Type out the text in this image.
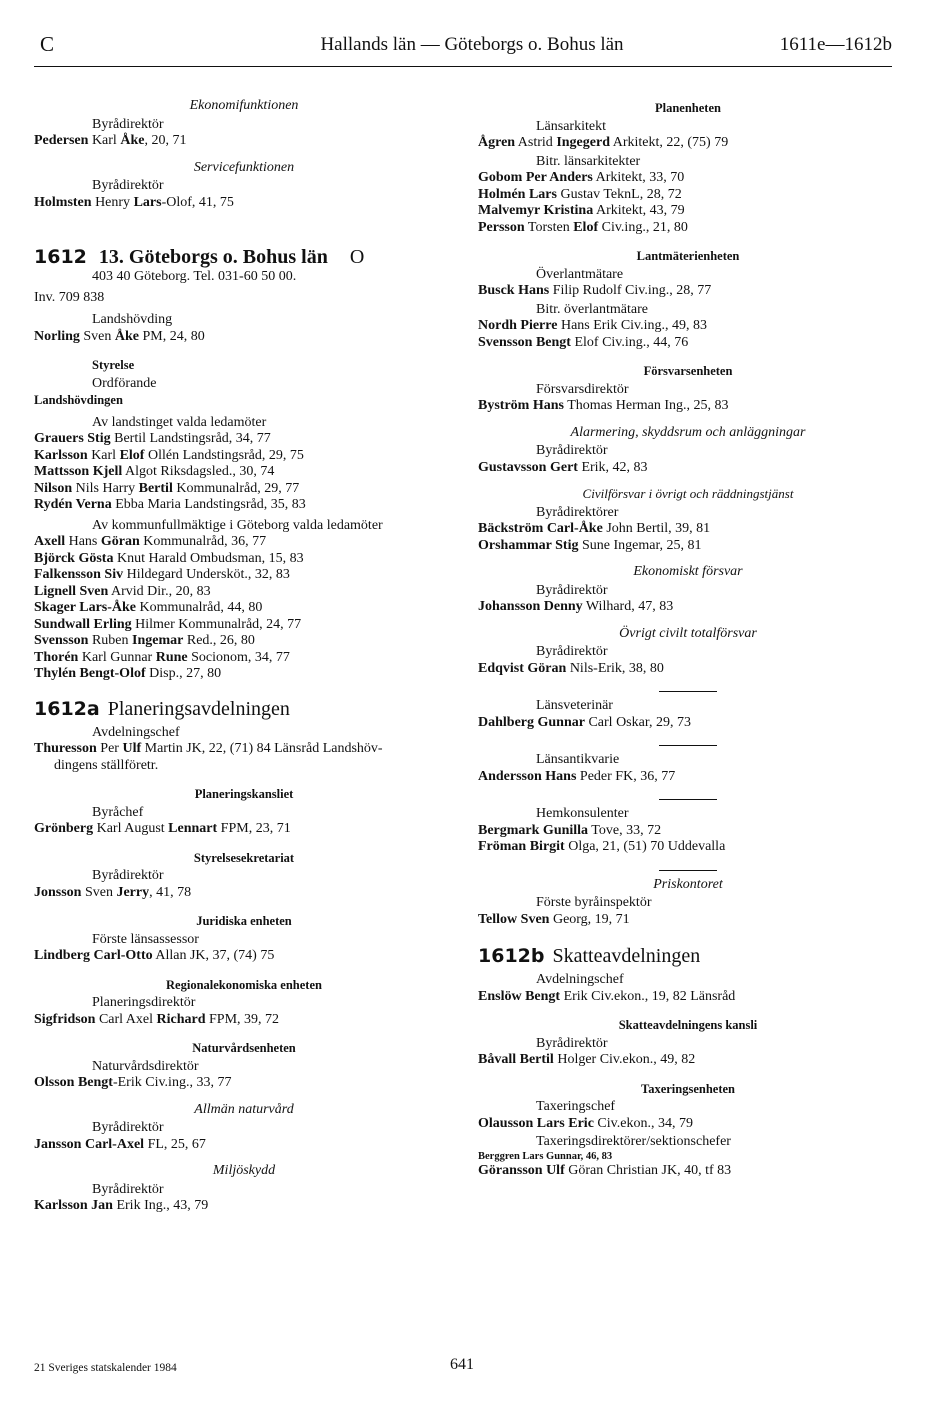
C	Hallands län — Göteborgs o. Bohus län	1611e—1612b
Ekonomifunktionen
Byrådirektör
Pedersen Karl Åke, 20, 71
Servicefunktionen
Byrådirektör
Holmsten Henry Lars-Olof, 41, 75
1612 13. Göteborgs o. Bohus län O
403 40 Göteborg. Tel. 031-60 50 00.
Inv. 709 838
Landshövding
Norling Sven Åke PM, 24, 80
Styrelse
Ordförande
Landshövdingen
Av landstinget valda ledamöter
Grauers Stig Bertil Landstingsråd, 34, 77
Karlsson Karl Elof Ollén Landstingsråd, 29, 75
Mattsson Kjell Algot Riksdagsled., 30, 74
Nilson Nils Harry Bertil Kommunalråd, 29, 77
Rydén Verna Ebba Maria Landstingsråd, 35, 83
Av kommunfullmäktige i Göteborg valda ledamöter
Axell Hans Göran Kommunalråd, 36, 77
Björck Gösta Knut Harald Ombudsman, 15, 83
Falkensson Siv Hildegard Undersköt., 32, 83
Lignell Sven Arvid Dir., 20, 83
Skager Lars-Åke Kommunalråd, 44, 80
Sundwall Erling Hilmer Kommunalråd, 24, 77
Svensson Ruben Ingemar Red., 26, 80
Thorén Karl Gunnar Rune Socionom, 34, 77
Thylén Bengt-Olof Disp., 27, 80
1612a Planeringsavdelningen
Avdelningschef
Thuresson Per Ulf Martin JK, 22, (71) 84 Länsråd Landshöv-
dingens ställföretr.
Planeringskansliet
Byråchef
Grönberg Karl August Lennart FPM, 23, 71
Styrelsesekretariat
Byrådirektör
Jonsson Sven Jerry, 41, 78
Juridiska enheten
Förste länsassessor
Lindberg Carl-Otto Allan JK, 37, (74) 75
Regionalekonomiska enheten
Planeringsdirektör
Sigfridson Carl Axel Richard FPM, 39, 72
Naturvårdsenheten
Naturvårdsdirektör
Olsson Bengt-Erik Civ.ing., 33, 77
Allmän naturvård
Byrådirektör
Jansson Carl-Axel FL, 25, 67
Miljöskydd
Byrådirektör
Karlsson Jan Erik Ing., 43, 79
Planenheten
Länsarkitekt
Ågren Astrid Ingegerd Arkitekt, 22, (75) 79
Bitr. länsarkitekter
Gobom Per Anders Arkitekt, 33, 70
Holmén Lars Gustav TeknL, 28, 72
Malvemyr Kristina Arkitekt, 43, 79
Persson Torsten Elof Civ.ing., 21, 80
Lantmäterienheten
Överlantmätare
Busck Hans Filip Rudolf Civ.ing., 28, 77
Bitr. överlantmätare
Nordh Pierre Hans Erik Civ.ing., 49, 83
Svensson Bengt Elof Civ.ing., 44, 76
Försvarsenheten
Försvarsdirektör
Byström Hans Thomas Herman Ing., 25, 83
Alarmering, skyddsrum och anläggningar
Byrådirektör
Gustavsson Gert Erik, 42, 83
Civilförsvar i övrigt och räddningstjänst
Byrådirektörer
Bäckström Carl-Åke John Bertil, 39, 81
Orshammar Stig Sune Ingemar, 25, 81
Ekonomiskt försvar
Byrådirektör
Johansson Denny Wilhard, 47, 83
Övrigt civilt totalförsvar
Byrådirektör
Edqvist Göran Nils-Erik, 38, 80
Länsveterinär
Dahlberg Gunnar Carl Oskar, 29, 73
Länsantikvarie
Andersson Hans Peder FK, 36, 77
Hemkonsulenter
Bergmark Gunilla Tove, 33, 72
Fröman Birgit Olga, 21, (51) 70 Uddevalla
Priskontoret
Förste byråinspektör
Tellow Sven Georg, 19, 71
1612b Skatteavdelningen
Avdelningschef
Enslöw Bengt Erik Civ.ekon., 19, 82 Länsråd
Skatteavdelningens kansli
Byrådirektör
Båvall Bertil Holger Civ.ekon., 49, 82
Taxeringsenheten
Taxeringschef
Olausson Lars Eric Civ.ekon., 34, 79
Taxeringsdirektörer/sektionschefer
Berggren Lars Gunnar, 46, 83
Göransson Ulf Göran Christian JK, 40, tf 83
21 Sveriges statskalender 1984	641
